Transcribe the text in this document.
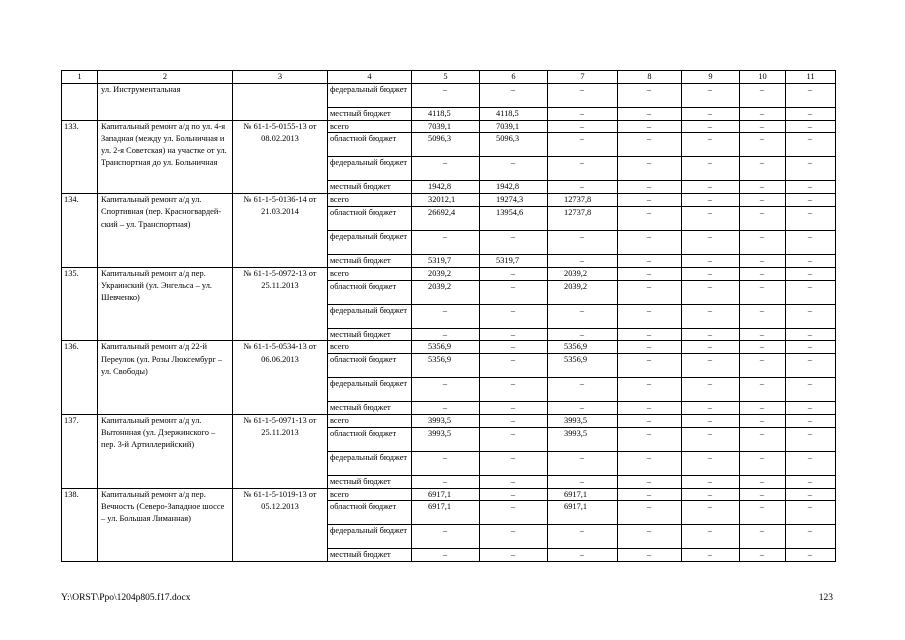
1	2	3	4	5	6	7	8	9	10	11
	ул. Инструментальная		федеральный бюджет	–	–	–	–	–	–	–
			местный бюджет	4118,5	4118,5	–	–	–	–	–
133.	Капитальный ремонт а/д по ул. 4-я Западная (между ул. Больничная и ул. 2-я Советская) на участке от ул. Транспортная до ул. Больничная	№ 61-1-5-0155-13 от 08.02.2013	всего	7039,1	7039,1	–	–	–	–	–
			областной бюджет	5096,3	5096,3	–	–	–	–	–
			федеральный бюджет	–	–	–	–	–	–	–
			местный бюджет	1942,8	1942,8	–	–	–	–	–
134.	Капитальный ремонт а/д ул. Спортивная (пер. Красногвардей-ский – ул. Транспортная)	№ 61-1-5-0136-14 от 21.03.2014	всего	32012,1	19274,3	12737,8	–	–	–	–
			областной бюджет	26692,4	13954,6	12737,8	–	–	–	–
			федеральный бюджет	–	–	–	–	–	–	–
			местный бюджет	5319,7	5319,7	–	–	–	–	–
135.	Капитальный ремонт а/д пер. Украинский (ул. Энгельса – ул. Шевченко)	№ 61-1-5-0972-13 от 25.11.2013	всего	2039,2	–	2039,2	–	–	–	–
			областной бюджет	2039,2	–	2039,2	–	–	–	–
			федеральный бюджет	–	–	–	–	–	–	–
			местный бюджет	–	–	–	–	–	–	–
136.	Капитальный ремонт а/д 22-й Переулок (ул. Розы Люксембург – ул. Свободы)	№ 61-1-5-0534-13 от 06.06.2013	всего	5356,9	–	5356,9	–	–	–	–
			областной бюджет	5356,9	–	5356,9	–	–	–	–
			федеральный бюджет	–	–	–	–	–	–	–
			местный бюджет	–	–	–	–	–	–	–
137.	Капитальный ремонт а/д ул. Вытоннная (ул. Дзержинского – пер. 3-й Артиллерийский)	№ 61-1-5-0971-13 от 25.11.2013	всего	3993,5	–	3993,5	–	–	–	–
			областной бюджет	3993,5	–	3993,5	–	–	–	–
			федеральный бюджет	–	–	–	–	–	–	–
			местный бюджет	–	–	–	–	–	–	–
138.	Капитальный ремонт а/д пер. Вечность (Северо-Западное шоссе – ул. Большая Лиманная)	№ 61-1-5-1019-13 от 05.12.2013	всего	6917,1	–	6917,1	–	–	–	–
			областной бюджет	6917,1	–	6917,1	–	–	–	–
			федеральный бюджет	–	–	–	–	–	–	–
			местный бюджет	–	–	–	–	–	–	–
Y:\ORST\Ppo\1204p805.f17.docx	123
